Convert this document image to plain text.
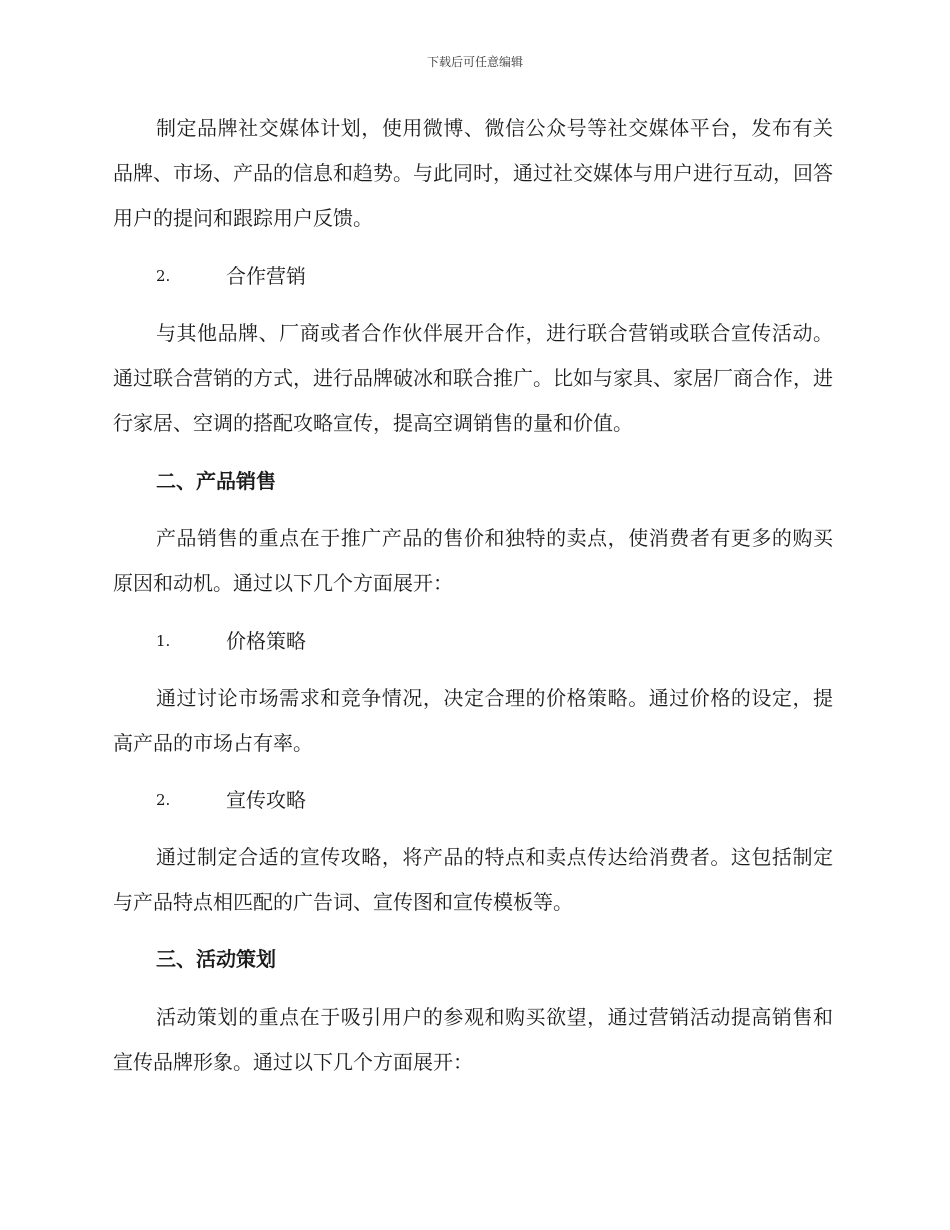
下载后可任意编辑

制定品牌社交媒体计划，使用微博、微信公众号等社交媒体平台，发布有关品牌、市场、产品的信息和趋势。与此同时，通过社交媒体与用户进行互动，回答用户的提问和跟踪用户反馈。

2.	合作营销

与其他品牌、厂商或者合作伙伴展开合作，进行联合营销或联合宣传活动。通过联合营销的方式，进行品牌破冰和联合推广。比如与家具、家居厂商合作，进行家居、空调的搭配攻略宣传，提高空调销售的量和价值。

二、产品销售

产品销售的重点在于推广产品的售价和独特的卖点，使消费者有更多的购买原因和动机。通过以下几个方面展开：

1.	价格策略

通过讨论市场需求和竞争情况，决定合理的价格策略。通过价格的设定，提高产品的市场占有率。

2.	宣传攻略

通过制定合适的宣传攻略，将产品的特点和卖点传达给消费者。这包括制定与产品特点相匹配的广告词、宣传图和宣传模板等。

三、活动策划

活动策划的重点在于吸引用户的参观和购买欲望，通过营销活动提高销售和宣传品牌形象。通过以下几个方面展开：
